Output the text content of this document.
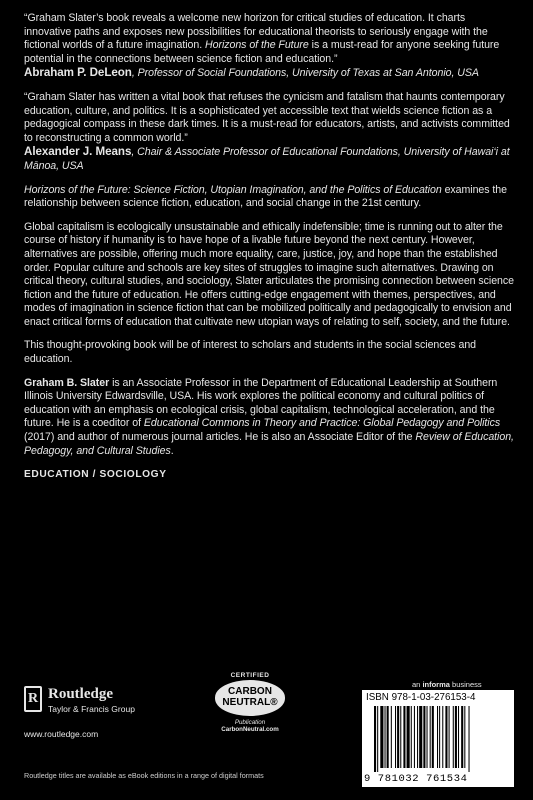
“Graham Slater’s book reveals a welcome new horizon for critical studies of education. It charts innovative paths and exposes new possibilities for educational theorists to seriously engage with the fictional worlds of a future imagination. Horizons of the Future is a must-read for anyone seeking future potential in the connections between science fiction and education.”

Abraham P. DeLeon, Professor of Social Foundations, University of Texas at San Antonio, USA

“Graham Slater has written a vital book that refuses the cynicism and fatalism that haunts contemporary education, culture, and politics. It is a sophisticated yet accessible text that wields science fiction as a pedagogical compass in these dark times. It is a must-read for educators, artists, and activists committed to reconstructing a common world.”

Alexander J. Means, Chair & Associate Professor of Educational Foundations, University of Hawai‘i at Mānoa, USA

Horizons of the Future: Science Fiction, Utopian Imagination, and the Politics of Education examines the relationship between science fiction, education, and social change in the 21st century.

Global capitalism is ecologically unsustainable and ethically indefensible; time is running out to alter the course of history if humanity is to have hope of a livable future beyond the next century. However, alternatives are possible, offering much more equality, care, justice, joy, and hope than the established order. Popular culture and schools are key sites of struggles to imagine such alternatives. Drawing on critical theory, cultural studies, and sociology, Slater articulates the promising connection between science fiction and the future of education. He offers cutting-edge engagement with themes, perspectives, and modes of imagination in science fiction that can be mobilized politically and pedagogically to envision and enact critical forms of education that cultivate new utopian ways of relating to self, society, and the future.

This thought-provoking book will be of interest to scholars and students in the social sciences and education.

Graham B. Slater is an Associate Professor in the Department of Educational Leadership at Southern Illinois University Edwardsville, USA. His work explores the political economy and cultural politics of education with an emphasis on ecological crisis, global capitalism, technological acceleration, and the future. He is a coeditor of Educational Commons in Theory and Practice: Global Pedagogy and Politics (2017) and author of numerous journal articles. He is also an Associate Editor of the Review of Education, Pedagogy, and Cultural Studies.

EDUCATION / SOCIOLOGY

R Routledge
Taylor & Francis Group
www.routledge.com
Routledge titles are available as eBook editions in a range of digital formats
CERTIFIED
CARBON
NEUTRAL®
Publication
CarbonNeutral.com
an informa business
ISBN 978-1-03-276153-4
9 781032 761534
